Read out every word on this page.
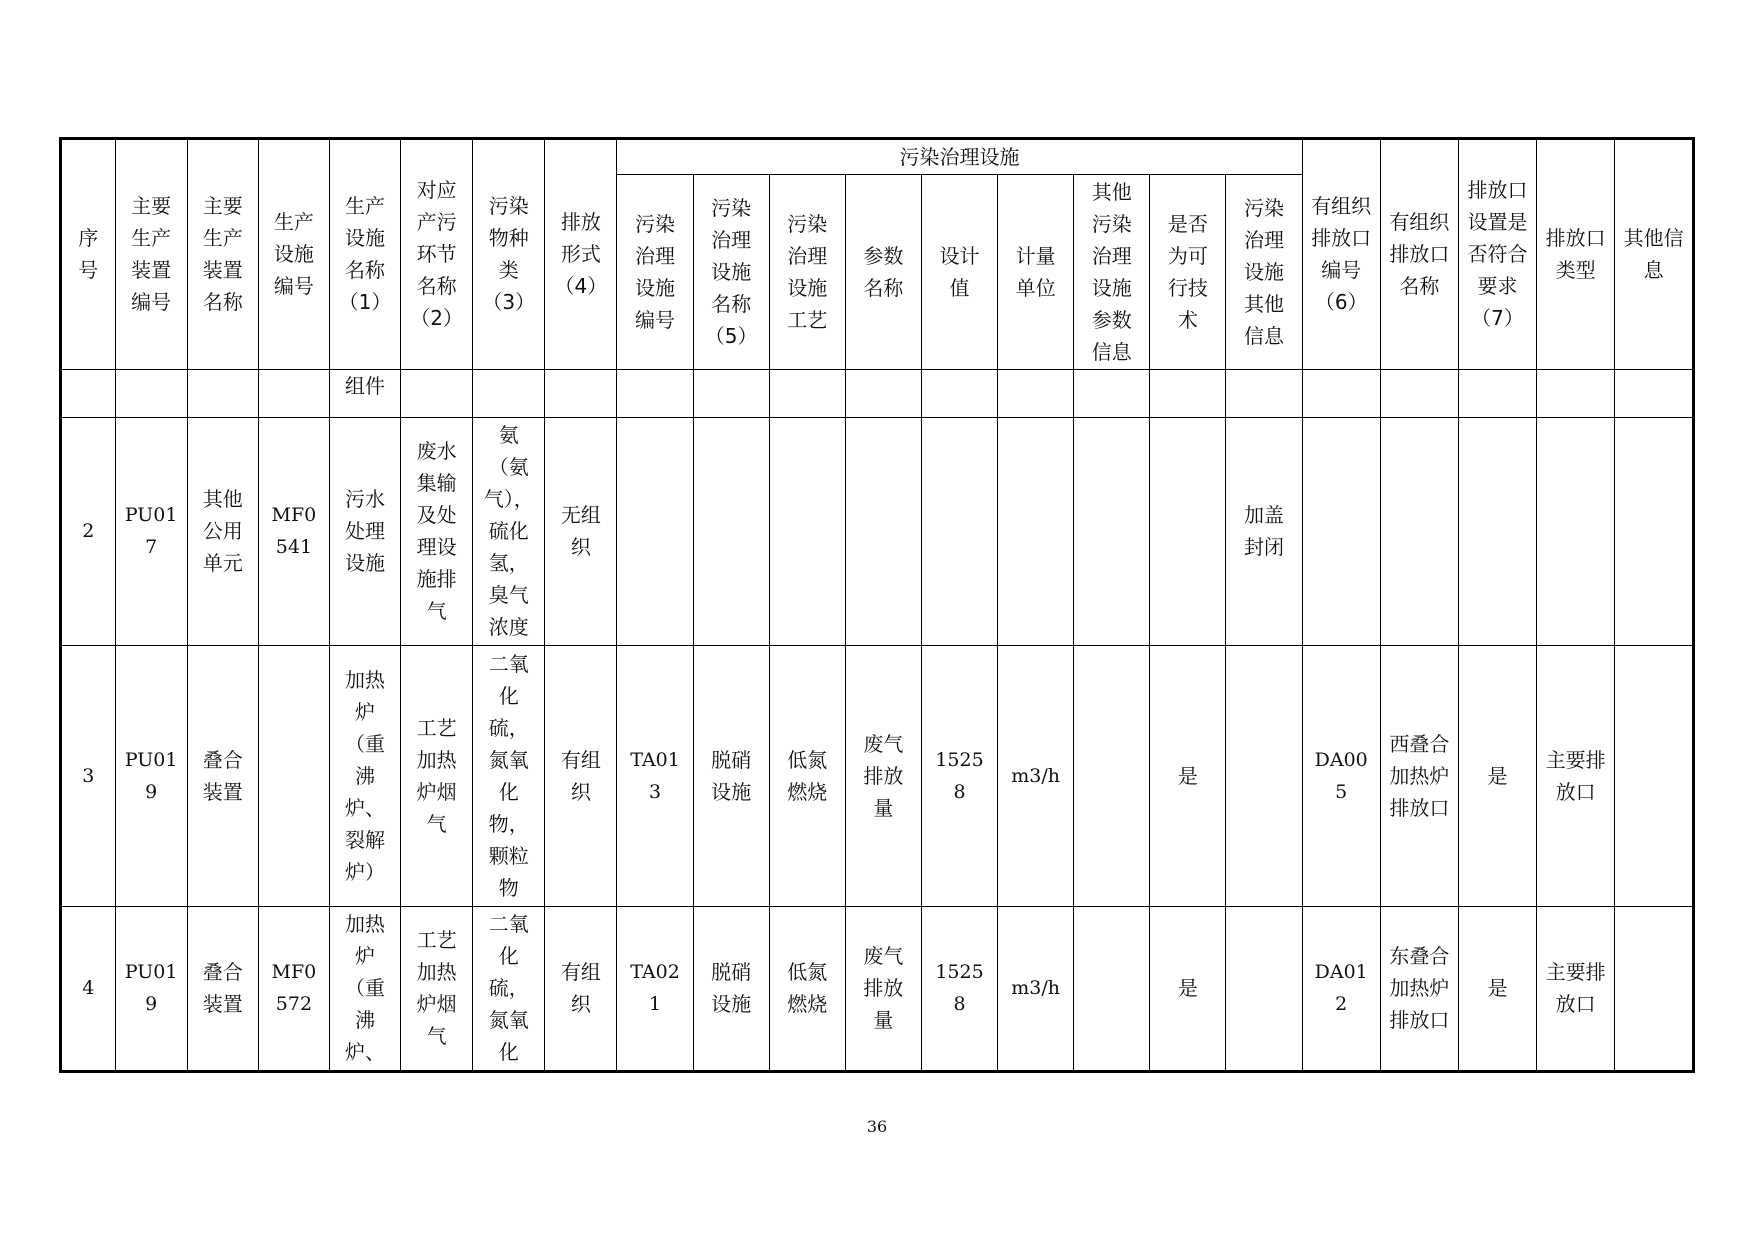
序号	主要生产装置编号	主要生产装置名称	生产设施编号	生产设施名称（1）	对应产污环节名称（2）	污染物种类（3）	排放形式（4）	污染治理设施									有组织排放口编号（6）	有组织排放口名称	排放口设置是否符合要求（7）	排放口类型	其他信息
								污染治理设施编号	污染治理设施名称（5）	污染治理设施工艺	参数名称	设计值	计量单位	其他污染治理设施参数信息	是否为可行技术	污染治理设施其他信息					
				组件																	
2	PU017	其他公用单元	MF0541	污水处理设施	废水集输及处理设施排气	氨（氨气），硫化氢，臭气浓度	无组织									加盖封闭					
3	PU019	叠合装置		加热炉（重沸炉、裂解炉）	工艺加热炉烟气	二氧化硫，氮氧化物，颗粒物	有组织	TA013	脱硝设施	低氮燃烧	废气排放量	15258	m3/h		是		DA005	西叠合加热炉排放口	是	主要排放口	
4	PU019	叠合装置	MF0572	加热炉（重沸炉、	工艺加热炉烟气	二氧化硫，氮氧化	有组织	TA021	脱硝设施	低氮燃烧	废气排放量	15258	m3/h		是		DA012	东叠合加热炉排放口	是	主要排放口	
36
